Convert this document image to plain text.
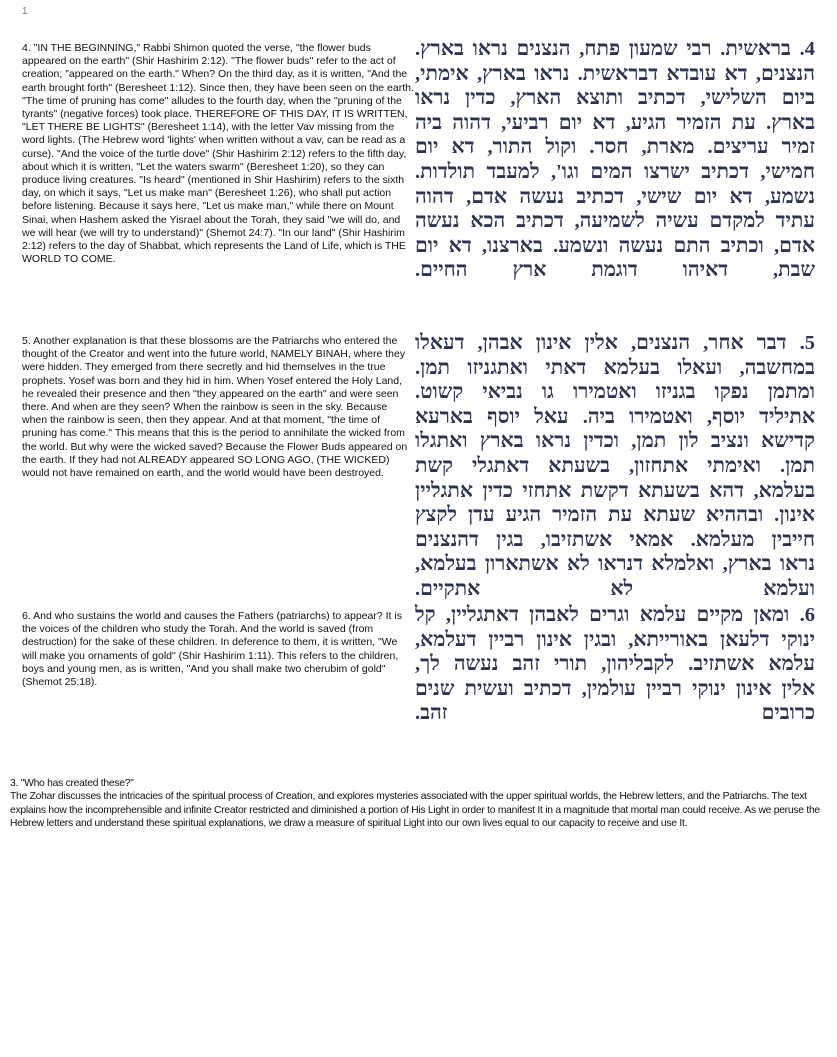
1
4. "IN THE BEGINNING," Rabbi Shimon quoted the verse, "the flower buds appeared on the earth" (Shir Hashirim 2:12). "The flower buds" refer to the act of creation; "appeared on the earth." When? On the third day, as it is written, "And the earth brought forth" (Beresheet 1:12). Since then, they have been seen on the earth. "The time of pruning has come" alludes to the fourth day, when the "pruning of the tyrants" (negative forces) took place. THEREFORE OF THIS DAY, IT IS WRITTEN, "LET THERE BE LIGHTS" (Beresheet 1:14), with the letter Vav missing from the word lights. (The Hebrew word 'lights' when written without a vav, can be read as a curse). "And the voice of the turtle dove" (Shir Hashirim 2:12) refers to the fifth day, about which it is written, "Let the waters swarm" (Beresheet 1:20), so they can produce living creatures. "Is heard" (mentioned in Shir Hashirim) refers to the sixth day, on which it says, "Let us make man" (Beresheet 1:26), who shall put action before listening. Because it says here, "Let us make man," while there on Mount Sinai, when Hashem asked the Yisrael about the Torah, they said "we will do, and we will hear (we will try to understand)" (Shemot 24:7). "In our land" (Shir Hashirim 2:12) refers to the day of Shabbat, which represents the Land of Life, which is THE WORLD TO COME.
4. בראשית. רבי שמעון פתח, הנצנים נראו בארץ.
הנצנים, דא עובדא דבראשית. נראו בארץ, אימתי,
ביום השלישי, דכתיב ותוצא הארץ, כדין נראו
בארץ. עת הזמיר הגיע, דא יום רביעי, דהוה ביה
זמיר עריצים. מארת, חסר. וקול התור, דא יום
חמישי, דכתיב ישרצו המים וגו', למעבד תולדות.
נשמע, דא יום שישי, דכתיב נעשה אדם, דהוה
עתיד למקדם עשיה לשמיעה, דכתיב הכא נעשה
אדם, וכתיב התם נעשה ונשמע. בארצנו, דא יום
שבת, דאיהו דוגמת ארץ החיים.
5. Another explanation is that these blossoms are the Patriarchs who entered the thought of the Creator and went into the future world, NAMELY BINAH, where they were hidden. They emerged from there secretly and hid themselves in the true prophets. Yosef was born and they hid in him. When Yosef entered the Holy Land, he revealed their presence and then "they appeared on the earth" and were seen there. And when are they seen? When the rainbow is seen in the sky. Because when the rainbow is seen, then they appear. And at that moment, "the time of pruning has come." This means that this is the period to annihilate the wicked from the world. But why were the wicked saved? Because the Flower Buds appeared on the earth. If they had not ALREADY appeared SO LONG AGO, (THE WICKED) would not have remained on earth, and the world would have been destroyed.
5. דבר אחר, הנצנים, אלין אינון אבהן, דעאלו
במחשבה, ועאלו בעלמא דאתי ואתגניזו תמן.
ומתמן נפקו בגניזו ואטמירו גו נביאי קשוט.
אתיליד יוסף, ואטמירו ביה. עאל יוסף בארעא
קדישא ונציב לון תמן, וכדין נראו בארץ ואתגלו
תמן. ואימתי אתחזון, בשעתא דאתגלי קשת
בעלמא, דהא בשעתא דקשת אתחזי כדין אתגליין
אינון. ובההיא שעתא עת הזמיר הגיע עדן לקצץ
חייבין מעלמא. אמאי אשתזיבו, בגין דהנצנים
נראו בארץ, ואלמלא דנראו לא אשתארון בעלמא,
ועלמא לא אתקיים.
6. And who sustains the world and causes the Fathers (patriarchs) to appear? It is the voices of the children who study the Torah. And the world is saved (from destruction) for the sake of these children. In deference to them, it is written, "We will make you ornaments of gold" (Shir Hashirim 1:11). This refers to the children, boys and young men, as is written, "And you shall make two cherubim of gold" (Shemot 25:18).
6. ומאן מקיים עלמא וגרים לאבהן דאתגליין, קל
ינוקי דלעאן באורייתא, ובגין אינון רביין דעלמא,
עלמא אשתזיב. לקבליהון, תורי זהב נעשה לך,
אלין אינון ינוקי רביין עולמין, דכתיב ועשית שנים
כרובים זהב.
3. "Who has created these?"
The Zohar discusses the intricacies of the spiritual process of Creation, and explores mysteries associated with the upper spiritual worlds, the Hebrew letters, and the Patriarchs. The text explains how the incomprehensible and infinite Creator restricted and diminished a portion of His Light in order to manifest It in a magnitude that mortal man could receive. As we peruse the Hebrew letters and understand these spiritual explanations, we draw a measure of spiritual Light into our own lives equal to our capacity to receive and use It.
